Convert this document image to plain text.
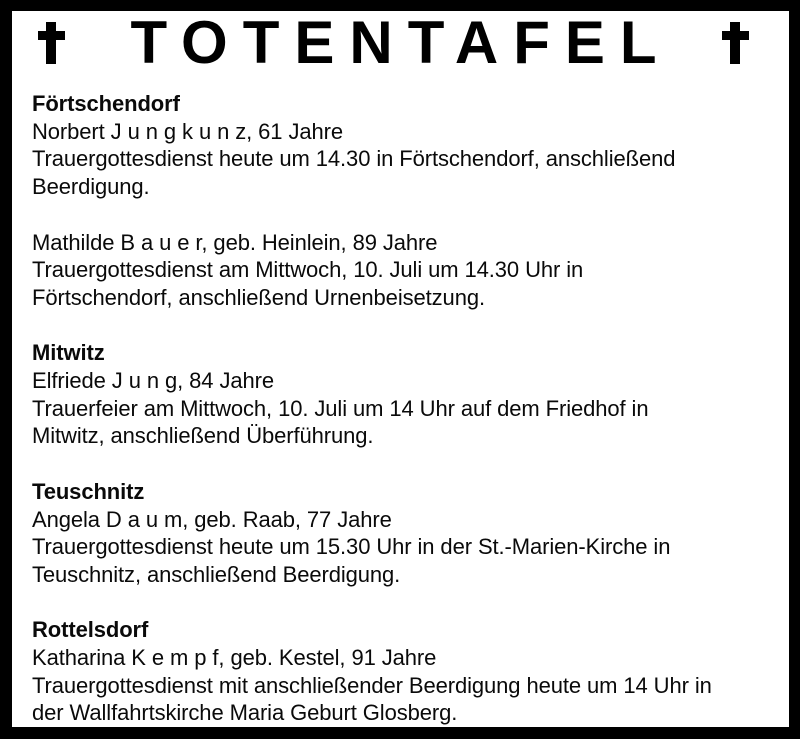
TOTENTAFEL
Förtschendorf
Norbert J u n g k u n z, 61 Jahre
Trauergottesdienst heute um 14.30 in Förtschendorf, anschließend
Beerdigung.
Mathilde B a u e r, geb. Heinlein, 89 Jahre
Trauergottesdienst am Mittwoch, 10. Juli um 14.30 Uhr in
Förtschendorf, anschließend Urnenbeisetzung.
Mitwitz
Elfriede J u n g, 84 Jahre
Trauerfeier am Mittwoch, 10. Juli um 14 Uhr auf dem Friedhof in
Mitwitz, anschließend Überführung.
Teuschnitz
Angela D a u m, geb. Raab, 77 Jahre
Trauergottesdienst heute um 15.30 Uhr in der St.-Marien-Kirche in
Teuschnitz, anschließend Beerdigung.
Rottelsdorf
Katharina K e m p f, geb. Kestel, 91 Jahre
Trauergottesdienst mit anschließender Beerdigung heute um 14 Uhr in
der Wallfahrtskirche Maria Geburt Glosberg.
